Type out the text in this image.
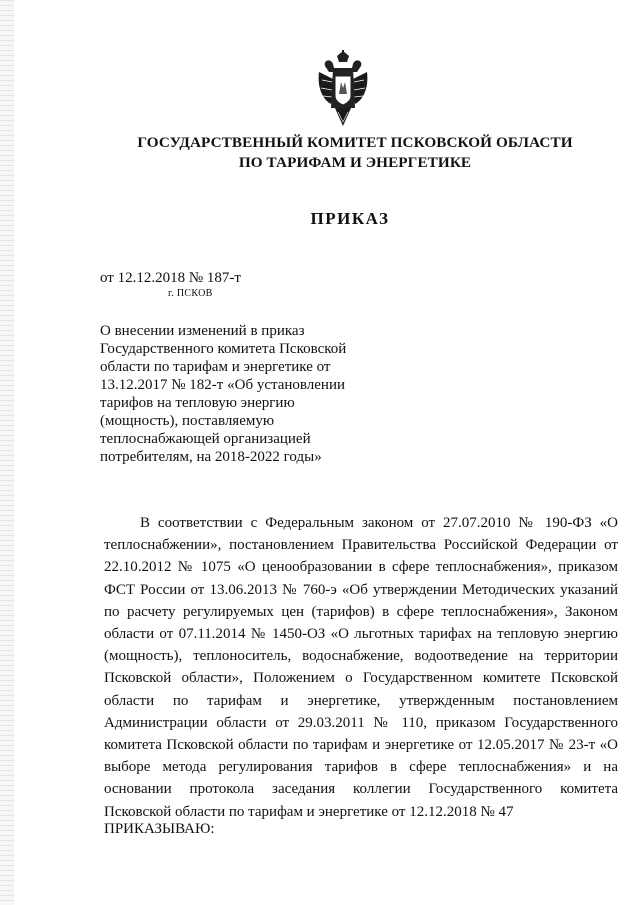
ГОСУДАРСТВЕННЫЙ КОМИТЕТ ПСКОВСКОЙ ОБЛАСТИ
ПО ТАРИФАМ И ЭНЕРГЕТИКЕ
ПРИКАЗ
от 12.12.2018 № 187-т
г. ПСКОВ
О внесении изменений в приказ
Государственного комитета Псковской
области по тарифам и энергетике от
13.12.2017 № 182-т «Об установлении
тарифов на тепловую энергию
(мощность), поставляемую
теплоснабжающей организацией
потребителям, на 2018-2022 годы»
В соответствии с Федеральным законом от 27.07.2010 № 190-ФЗ «О теплоснабжении», постановлением Правительства Российской Федерации от 22.10.2012 № 1075 «О ценообразовании в сфере теплоснабжения», приказом ФСТ России от 13.06.2013 № 760-э «Об утверждении Методических указаний по расчету регулируемых цен (тарифов) в сфере теплоснабжения», Законом области от 07.11.2014 № 1450-ОЗ «О льготных тарифах на тепловую энергию (мощность), теплоноситель, водоснабжение, водоотведение на территории Псковской области», Положением о Государственном комитете Псковской области по тарифам и энергетике, утвержденным постановлением Администрации области от 29.03.2011 № 110, приказом Государственного комитета Псковской области по тарифам и энергетике от 12.05.2017 № 23-т «О выборе метода регулирования тарифов в сфере теплоснабжения» и на основании протокола заседания коллегии Государственного комитета Псковской области по тарифам и энергетике от 12.12.2018 № 47
ПРИКАЗЫВАЮ:
